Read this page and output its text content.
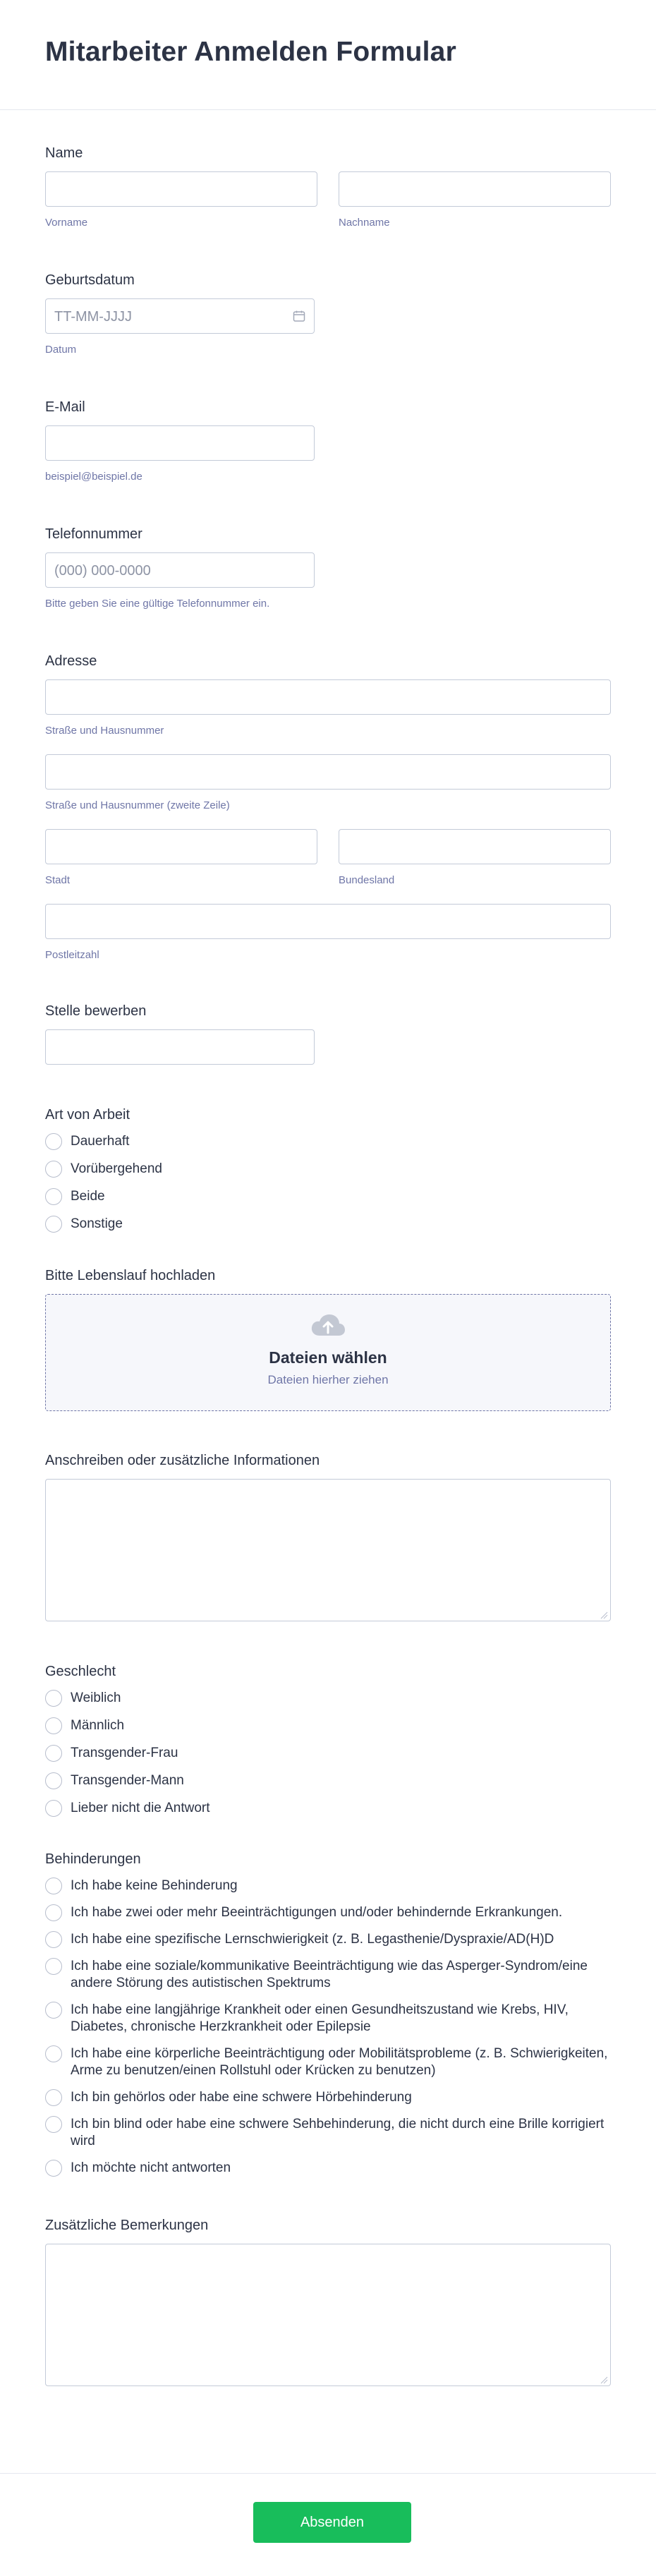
Mitarbeiter Anmelden Formular
Name
Vorname	Nachname
Geburtsdatum
TT-MM-JJJJ
Datum
E-Mail
beispiel@beispiel.de
Telefonnummer
(000) 000-0000
Bitte geben Sie eine gültige Telefonnummer ein.
Adresse
Straße und Hausnummer
Straße und Hausnummer (zweite Zeile)
Stadt	Bundesland
Postleitzahl
Stelle bewerben
Art von Arbeit
Dauerhaft
Vorübergehend
Beide
Sonstige
Bitte Lebenslauf hochladen
Dateien wählen
Dateien hierher ziehen
Anschreiben oder zusätzliche Informationen
Geschlecht
Weiblich
Männlich
Transgender-Frau
Transgender-Mann
Lieber nicht die Antwort
Behinderungen
Ich habe keine Behinderung
Ich habe zwei oder mehr Beeinträchtigungen und/oder behindernde Erkrankungen.
Ich habe eine spezifische Lernschwierigkeit (z. B. Legasthenie/Dyspraxie/AD(H)D
Ich habe eine soziale/kommunikative Beeinträchtigung wie das Asperger-Syndrom/eine andere Störung des autistischen Spektrums
Ich habe eine langjährige Krankheit oder einen Gesundheitszustand wie Krebs, HIV, Diabetes, chronische Herzkrankheit oder Epilepsie
Ich habe eine körperliche Beeinträchtigung oder Mobilitätsprobleme (z. B. Schwierigkeiten, Arme zu benutzen/einen Rollstuhl oder Krücken zu benutzen)
Ich bin gehörlos oder habe eine schwere Hörbehinderung
Ich bin blind oder habe eine schwere Sehbehinderung, die nicht durch eine Brille korrigiert wird
Ich möchte nicht antworten
Zusätzliche Bemerkungen
Absenden
